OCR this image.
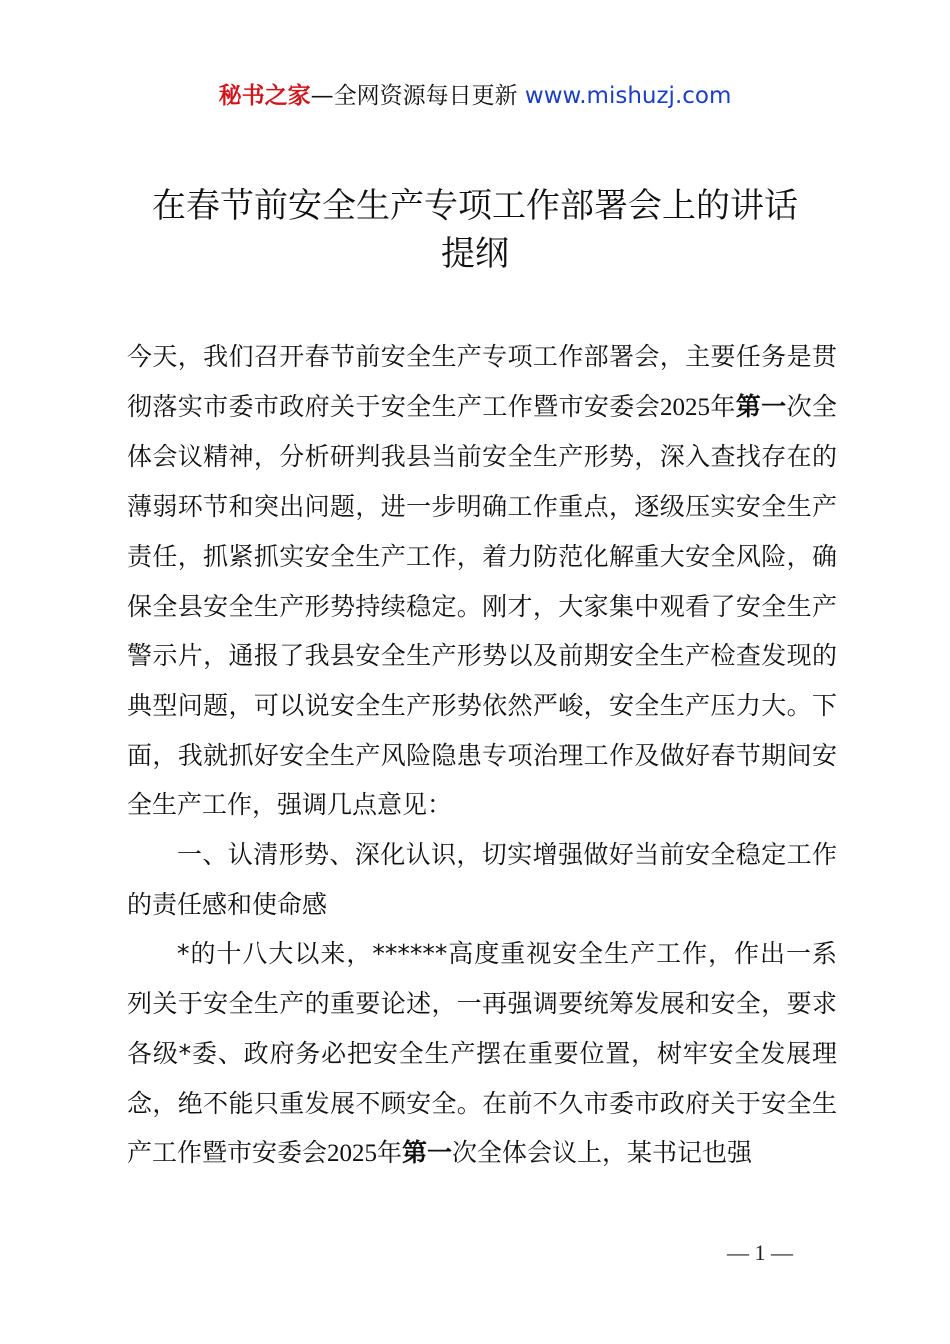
秘书之家—全网资源每日更新 www.mishuzj.com
在春节前安全生产专项工作部署会上的讲话
提纲

今天，我们召开春节前安全生产专项工作部署会，主要任务是贯彻落实市委市政府关于安全生产工作暨市安委会2025年第一次全体会议精神，分析研判我县当前安全生产形势，深入查找存在的薄弱环节和突出问题，进一步明确工作重点，逐级压实安全生产责任，抓紧抓实安全生产工作，着力防范化解重大安全风险，确保全县安全生产形势持续稳定。刚才，大家集中观看了安全生产警示片，通报了我县安全生产形势以及前期安全生产检查发现的典型问题，可以说安全生产形势依然严峻，安全生产压力大。下面，我就抓好安全生产风险隐患专项治理工作及做好春节期间安全生产工作，强调几点意见：

一、认清形势、深化认识，切实增强做好当前安全稳定工作的责任感和使命感

*的十八大以来，******高度重视安全生产工作，作出一系列关于安全生产的重要论述，一再强调要统筹发展和安全，要求各级*委、政府务必把安全生产摆在重要位置，树牢安全发展理念，绝不能只重发展不顾安全。在前不久市委市政府关于安全生产工作暨市安委会2025年第一次全体会议上，某书记也强

— 1 —
